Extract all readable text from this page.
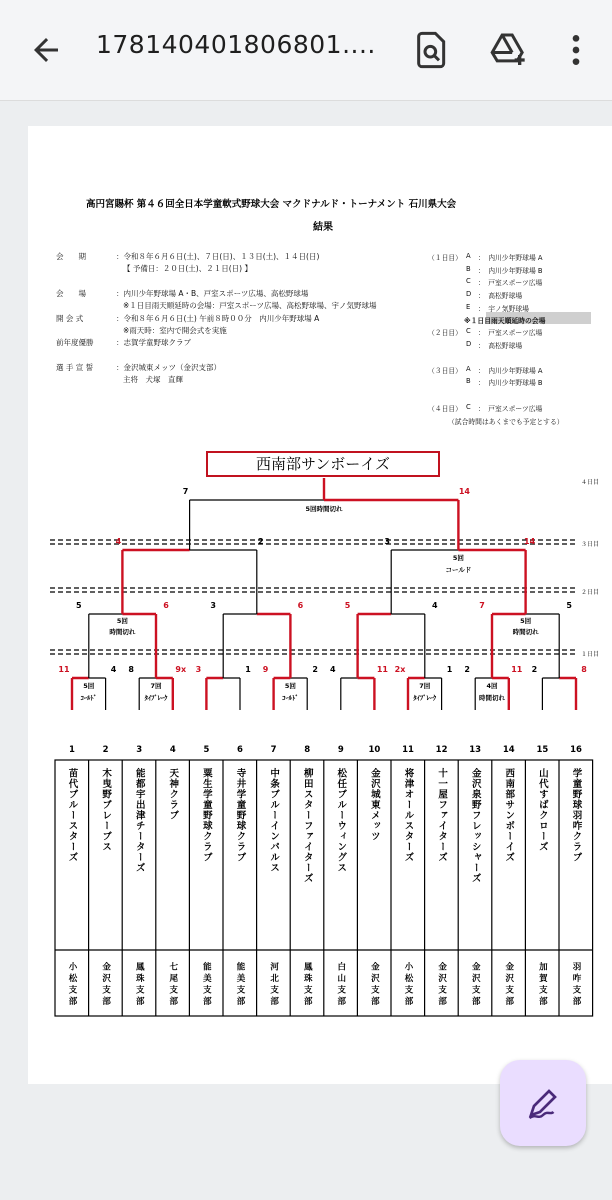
178140401806801....
高円宮賜杯 第４６回全日本学童軟式野球大会 マクドナルド・トーナメント 石川県大会
結果
会　　期	：令和８年６月６日(土)、７日(日)、１３日(土)、１４日(日)
【 予備日：２０日(土)、２１日(日) 】
会　　場	：内川少年野球場 A・B、戸室スポーツ広場、高松野球場
※１日目雨天順延時の会場：戸室スポーツ広場、高松野球場、宇ノ気野球場
開 会 式	：令和８年６月６日(土) 午前８時００分　内川少年野球場 A
※雨天時：室内で開会式を実施
前年度優勝	：志賀学童野球クラブ
選 手 宣 誓	：金沢城東メッツ（金沢支部）
主将　犬塚　直輝
（１日目） A ：　内川少年野球場 A
B ：　内川少年野球場 B
C ：　戸室スポーツ広場
D ：　高松野球場
E ：　宇ノ気野球場
※１日目雨天順延時の会場
（２日目） C ：　戸室スポーツ広場
D ：　高松野球場
（３日目） A ：　内川少年野球場 A
B ：　内川少年野球場 B
（４日目） C ：　戸室スポーツ広場
（試合時間はあくまでも予定とする）
西南部サンボーイズ
４日目
３日目
２日目
１日目
11	4
5回
ｺｰﾙﾄﾞ
8	9x
7回
ﾀｲﾌﾞﾚｰｸ
3	1 9	2
5回
ｺｰﾙﾄﾞ
4	11 2x	1
7回
ﾀｲﾌﾞﾚｰｸ
2	11
4回
時間切れ
2	8
5	6
5回
時間切れ
3	6	5	4	7	5
5回
時間切れ
4	2	3	14
5回
コールド
7	14
5回時間切れ
1
苗代ブルースターズ
小松支部
2
木曳野ブレーブス
金沢支部
3
能都宇出津チーターズ
鳳珠支部
4
天神クラブ
七尾支部
5
粟生学童野球クラブ
能美支部
6
寺井学童野球クラブ
能美支部
7
中条ブルーインパルス
河北支部
8
柳田スターファイターズ
鳳珠支部
9
松任ブルーウィングス
白山支部
10
金沢城東メッツ
金沢支部
11
将津オールスターズ
小松支部
12
十一屋ファイターズ
金沢支部
13
金沢泉野フレッシャーズ
金沢支部
14
西南部サンボーイズ
金沢支部
15
山代すばクローズ
加賀支部
16
学童野球羽咋クラブ
羽咋支部
